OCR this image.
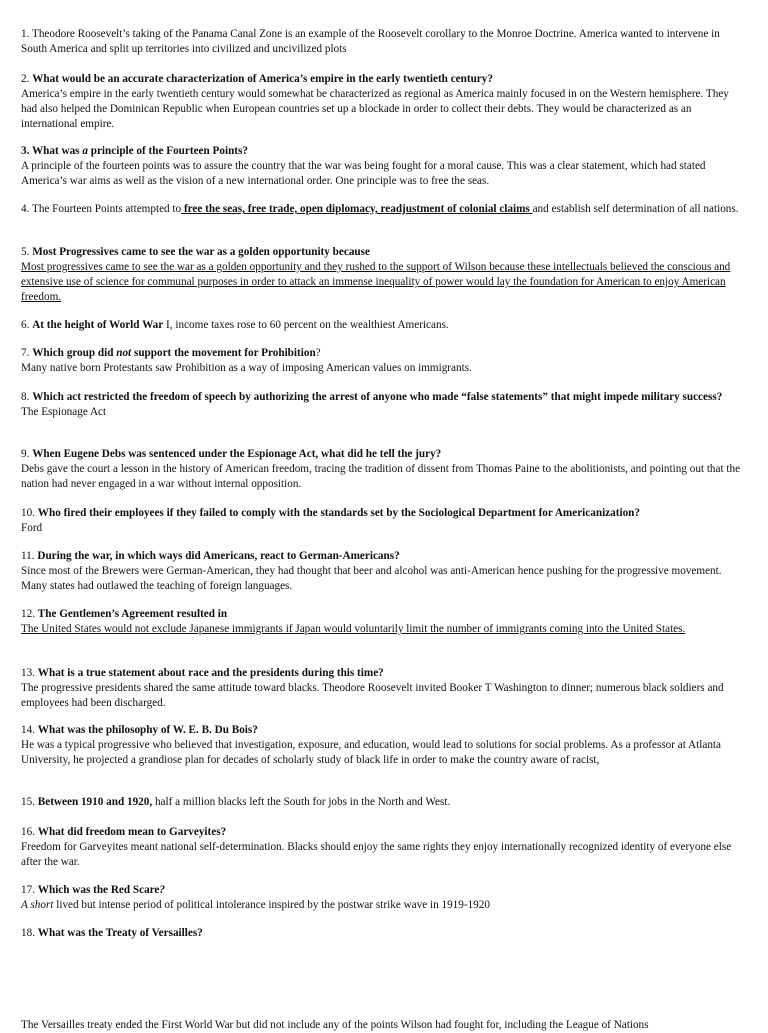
1. Theodore Roosevelt’s taking of the Panama Canal Zone is an example of the Roosevelt corollary to the Monroe Doctrine. America wanted to intervene in South America and split up territories into civilized and uncivilized plots

2. What would be an accurate characterization of America’s empire in the early twentieth century?

America’s empire in the early twentieth century would somewhat be characterized as regional as America mainly focused in on the Western hemisphere. They had also helped the Dominican Republic when European countries set up a blockade in order to collect their debts. They would be characterized as an international empire.

3. What was a principle of the Fourteen Points?

A principle of the fourteen points was to assure the country that the war was being fought for a moral cause. This was a clear statement, which had stated America’s war aims as well as the vision of a new international order. One principle was to free the seas.

4. The Fourteen Points attempted to free the seas, free trade, open diplomacy, readjustment of colonial claims and establish self determination of all nations.

5. Most Progressives came to see the war as a golden opportunity because

Most progressives came to see the war as a golden opportunity and they rushed to the support of Wilson because these intellectuals believed the conscious and extensive use of science for communal purposes in order to attack an immense inequality of power would lay the foundation for American to enjoy American freedom.

6. At the height of World War I, income taxes rose to 60 percent on the wealthiest Americans.

7. Which group did not support the movement for Prohibition?

Many native born Protestants saw Prohibition as a way of imposing American values on immigrants.

8. Which act restricted the freedom of speech by authorizing the arrest of anyone who made “false statements” that might impede military success?

The Espionage Act

9. When Eugene Debs was sentenced under the Espionage Act, what did he tell the jury?

Debs gave the court a lesson in the history of American freedom, tracing the tradition of dissent from Thomas Paine to the abolitionists, and pointing out that the nation had never engaged in a war without internal opposition.

10. Who fired their employees if they failed to comply with the standards set by the Sociological Department for Americanization?

Ford

11. During the war, in which ways did Americans, react to German-Americans?

Since most of the Brewers were German-American, they had thought that beer and alcohol was anti-American hence pushing for the progressive movement. Many states had outlawed the teaching of foreign languages.

12. The Gentlemen’s Agreement resulted in

The United States would not exclude Japanese immigrants if Japan would voluntarily limit the number of immigrants coming into the United States.

13. What is a true statement about race and the presidents during this time?

The progressive presidents shared the same attitude toward blacks. Theodore Roosevelt invited Booker T Washington to dinner; numerous black soldiers and employees had been discharged.

14. What was the philosophy of W. E. B. Du Bois?

He was a typical progressive who believed that investigation, exposure, and education, would lead to solutions for social problems. As a professor at Atlanta University, he projected a grandiose plan for decades of scholarly study of black life in order to make the country aware of racist,

15. Between 1910 and 1920, half a million blacks left the South for jobs in the North and West.

16. What did freedom mean to Garveyites?

Freedom for Garveyites meant national self-determination. Blacks should enjoy the same rights they enjoy internationally recognized identity of everyone else after the war.

17. Which was the Red Scare?

A short lived but intense period of political intolerance inspired by the postwar strike wave in 1919-1920

18. What was the Treaty of Versailles?

The Versailles treaty ended the First World War but did not include any of the points Wilson had fought for, including the League of Nations
